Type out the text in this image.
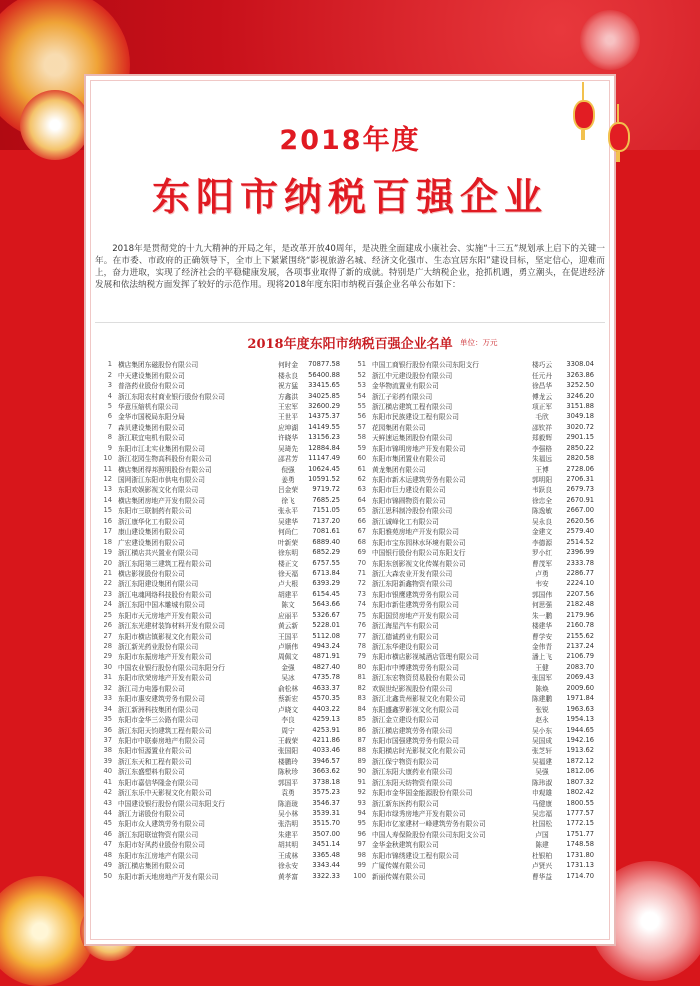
2018年度
东阳市纳税百强企业
2018年是贯彻党的十九大精神的开局之年，是改革开放40周年，是决胜全面建成小康社会、实施“十三五”规划承上启下的关键一年。在市委、市政府的正确领导下，全市上下紧紧围绕“影视旅游名城、经济文化强市、生态宜居东阳”建设目标，坚定信心，迎难而上，奋力进取，实现了经济社会的平稳健康发展，各项事业取得了新的成就。特别是广大纳税企业，抢抓机遇，勇立潮头，在促进经济发展和依法纳税方面发挥了较好的示范作用。现将2018年度东阳市纳税百强企业名单公布如下：
2018年度东阳市纳税百强企业名单 单位：万元
1 横店集团东磁股份有限公司	何时金	70877.58
2 中天建设集团有限公司	楼永良	56400.88
3 普洛药业股份有限公司	祝方猛	33415.65
4 浙江东阳农村商业银行股份有限公司	方鑫洪	34025.85
5 华意压缩机有限公司	王宏军	32600.29
6 金华市国税局东阳分局	王世平	14375.37
7 森贝建设集团有限公司	应坤湖	14149.55
8 浙江联宜电机有限公司	许晓华	13156.23
9 东阳市江北实业集团有限公司	吴琦先	12884.84
10 浙江花园生物高科股份有限公司	邵君芳	11147.49
11 横店集团得邦照明股份有限公司	倪强	10624.45
12 国网浙江东阳市供电有限公司	姜勇	10591.52
13 东阳欢娱影视文化有限公司	吕金荣	9719.72
14 横店集团房地产开发有限公司	徐飞	7685.25
15 东阳市三联制药有限公司	张永平	7151.05
16 浙江康华化工有限公司	吴建华	7137.20
17 康山建设集团有限公司	何尚仁	7081.61
18 广宏建设集团有限公司	叶新荣	6889.40
19 浙江横店共兴置业有限公司	徐东明	6852.29
20 浙江东阳第三建筑工程有限公司	楼正文	6757.55
21 横店影视股份有限公司	徐天福	6713.84
22 浙江东阳建设集团有限公司	卢大根	6393.29
23 浙江电魂网络科技股份有限公司	胡建平	6154.45
24 浙江东阳中国木雕城有限公司	陈文	5643.66
25 东阳市天元房地产开发有限公司	应丽平	5326.67
26 浙江东光建材装饰材料开发有限公司	黄云新	5228.01
27 东阳市横店镇影视文化有限公司	王国平	5112.08
28 浙江新光药业股份有限公司	卢顺伟	4943.24
29 东阳市东振房地产开发有限公司	周佩文	4871.91
30 中国农业银行股份有限公司东阳分行	金强	4827.40
31 东阳市欣荣房地产开发有限公司	吴冰	4735.78
32 浙江司力电器有限公司	俞松林	4633.37
33 东阳市惠安建筑劳务有限公司	蔡新宏	4570.35
34 浙江新洲科技集团有限公司	卢晓文	4403.22
35 东阳市金华三公路有限公司	李良	4259.13
36 浙江东阳天钧建筑工程有限公司	周宁	4253.91
37 东阳市中联泰房地产有限公司	王载荣	4211.86
38 东阳市恒源置业有限公司	张国阳	4033.46
39 浙江东天和工程有限公司	楼鹏玲	3946.57
40 浙江东盛塑料有限公司	陈秋珍	3663.62
41 东阳市嘉信华隆金有限公司	郭国平	3738.18
42 浙江东乐中天影视文化有限公司	袁勇	3575.23
43 中国建设银行股份有限公司东阳支行	陈逍珑	3546.37
44 浙江力诺股份有限公司	吴小林	3539.31
45 东阳市众人建筑劳务有限公司	张浩明	3515.70
46 浙江东阳联谊物资有限公司	朱建平	3507.00
47 东阳市好风药业股份有限公司	胡其明	3451.14
48 东阳市东江房地产有限公司	王成林	3365.48
49 浙江横店集团有限公司	徐永安	3343.44
50 东阳市新天地房地产开发有限公司	黄孝富	3322.33
51 中国工商银行股份有限公司东阳支行	楼巧云	3308.04
52 浙江中元建设股份有限公司	任元丹	3263.86
53 金华物流置业有限公司	徐昌华	3252.50
54 浙江子彩药有限公司	傅龙云	3246.20
55 浙江横店建筑工程有限公司	项正军	3151.88
56 东阳市民族建设工程有限公司	毛欣	3049.18
57 花园集团有限公司	邵钦祥	3020.72
58 天鲜速运集团股份有限公司	郑毅辉	2901.15
59 东阳市锦明房地产开发有限公司	李强格	2850.22
60 东阳市集团置业有限公司	朱福远	2820.58
61 黄龙集团有限公司	王博	2728.06
62 东阳市新木运建筑劳务有限公司	郭明阳	2706.31
63 东阳市巨力建设有限公司	韦跃良	2679.73
64 东阳市锦圆物资有限公司	徐忠全	2670.91
65 浙江思科制冷股份有限公司	陈逸敏	2667.00
66 浙江诚峰化工有限公司	吴永良	2620.56
67 东阳雅苑房地产开发有限公司	金建文	2579.40
68 东阳市宝东园林水环境有限公司	李德源	2514.52
69 中国银行股份有限公司东阳支行	罗小红	2396.99
70 东阳东创影视文化传媒有限公司	曹茂军	2333.78
71 浙江大森农业开发有限公司	卢勇	2286.77
72 浙江东阳新鑫物资有限公司	韦安	2224.10
73 东阳市银鹰建筑劳务有限公司	郭国伟	2207.56
74 东阳市新佳建筑劳务有限公司	何思强	2182.48
75 东阳国贸房地产开发有限公司	朱一鹏	2179.96
76 浙江海星汽车有限公司	楼建华	2160.78
77 浙江德诚药业有限公司	曹学安	2155.62
78 浙江东华建设有限公司	金伟青	2137.24
79 东阳市横店影视城酒店管理有限公司	潘上飞	2106.79
80 东阳市中博建筑劳务有限公司	王健	2083.70
81 浙江东宏物资贸易股份有限公司	张国军	2069.43
82 欢娱世纪影视股份有限公司	陈焕	2009.60
83 浙江北鑫贵州影视文化有限公司	陈建鹏	1971.84
84 东阳盛鑫罗影视文化有限公司	张锐	1963.63
85 浙江金立建设有限公司	赵永	1954.13
86 浙江横店建筑劳务有限公司	吴小东	1944.65
87 东阳市国强建筑劳务有限公司	吴国成	1942.16
88 东阳横店时光影视文化有限公司	张芝轩	1913.62
89 浙江保宁物资有限公司	吴福建	1872.12
90 浙江东阳大康药业有限公司	吴强	1812.06
91 浙江东阳天纺物资有限公司	陈玮淑	1807.32
92 东阳市金华国金能源股份有限公司	申观雄	1802.42
93 浙江新东医药有限公司	马健康	1800.55
94 东阳市绿秀房地产开发有限公司	吴忠福	1777.57
95 东阳市亿家建材一峰建筑劳务有限公司	杜国松	1772.15
96 中国人寿保险股份有限公司东阳支公司	卢国	1751.77
97 金华金秋建筑有限公司	陈建	1748.58
98 东阳市锦绣建设工程有限公司	杜银柏	1731.80
99 广厦传媒有限公司	卢贤兴	1731.13
100 新丽传媒有限公司	曹华益	1714.70
